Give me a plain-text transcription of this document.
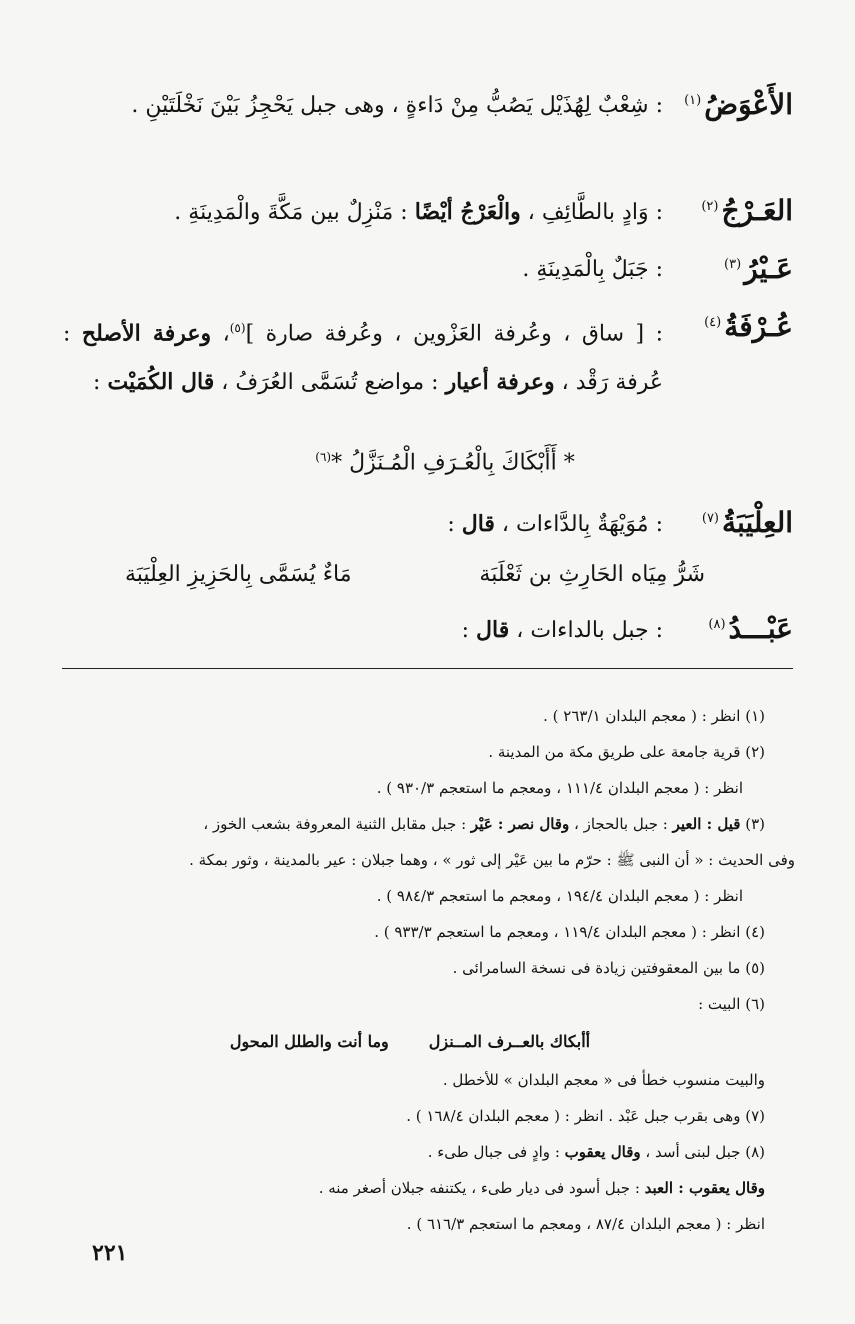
الأَعْوَضُ$^{(١)}$
: شِعْبٌ لِهُذَيْل يَصُبُّ مِنْ دَاءةٍ ، وهى جبل يَحْجِزُ بَيْنَ نَخْلَتَيْنِ .
العَـرْجُ$^{(٢)}$
: وَادٍ بالطَّائِفِ ، والْعَرْجُ أيْضًا : مَنْزِلٌ بين مَكَّةَ والْمَدِينَةِ .
عَـيْرُ$^{(٣)}$
: جَبَلٌ بِالْمَدِينَةِ .
عُـرْفَةُ$^{(٤)}$
: [ ساق ، وعُرفة العَزْوين ، وعُرفة صارة ]$^{(٥)}$، وعرفة الأصلح : عُرفة رَقْد ، وعرفة أعيار : مواضع تُسَمَّى العُرَفُ ، قال الكُمَيْت :
* أَأَبْكَاكَ بِالْعُـرَفِ الْمُـنَزَّلُ *$^{(٦)}$
العِلْيَبَةُ$^{(٧)}$
: مُوَيْهَةٌ بِالدَّاءات ، قال :
شَرُّ مِيَاه الحَارِثِ بن ثَعْلَبَة
مَاءٌ يُسَمَّى بِالحَزِيزِ العِلْيَبَة
عَبْـــدُ$^{(٨)}$
: جبل بالداءات ، قال :
(١) انظر : ( معجم البلدان ٢٦٣/١ ) .
(٢) قرية جامعة على طريق مكة من المدينة .
انظر : ( معجم البلدان ١١١/٤ ، ومعجم ما استعجم ٩٣٠/٣ ) .
(٣) قيل : العير : جبل بالحجاز ، وقال نصر : عَيْر : جبل مقابل الثنية المعروفة بشعب الخوز ،
وفى الحديث : « أن النبى ﷺ : حرّم ما بين عَيْر إلى ثور » ، وهما جبلان : عير بالمدينة ، وثور بمكة .
انظر : ( معجم البلدان ١٩٤/٤ ، ومعجم ما استعجم ٩٨٤/٣ ) .
(٤) انظر : ( معجم البلدان ١١٩/٤ ، ومعجم ما استعجم ٩٣٣/٣ ) .
(٥) ما بين المعقوفتين زيادة فى نسخة السامرائى .
(٦) البيت :
أأبكاك بالعــرف المــنزلوما أنت والطلل المحول
والبيت منسوب خطأ فى « معجم البلدان » للأخطل .
(٧) وهى بقرب جبل عَبْد . انظر : ( معجم البلدان ١٦٨/٤ ) .
(٨) جبل لبنى أسد ، وقال يعقوب : وادٍ فى جبال طىء .
وقال يعقوب : العبد : جبل أسود فى ديار طىء ، يكتنفه جبلان أصغر منه .
انظر : ( معجم البلدان ٨٧/٤ ، ومعجم ما استعجم ٦١٦/٣ ) .
٢٢١
